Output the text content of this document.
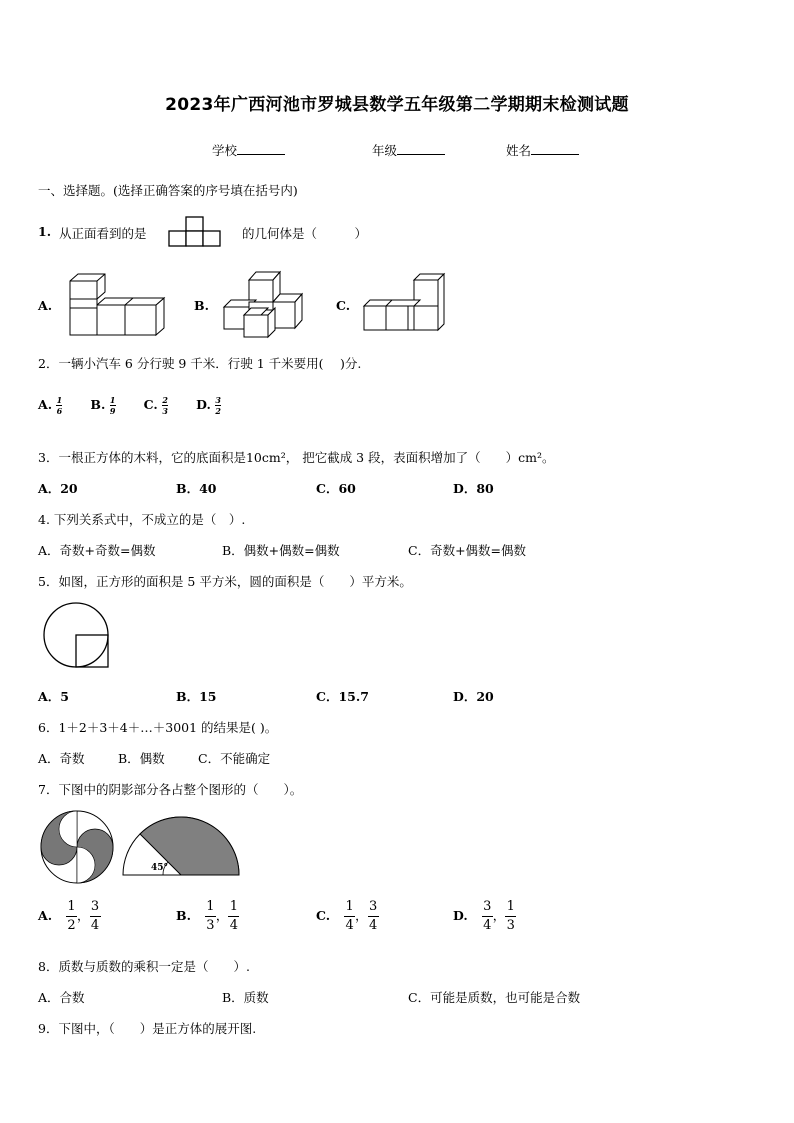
2023年广西河池市罗城县数学五年级第二学期期末检测试题
学校	年级	姓名
一、选择题。(选择正确答案的序号填在括号内)
1. 从正面看到的是	的几何体是（　　　）
A.	B.	C.
2．一辆小汽车 6 分行驶 9 千米．行驶 1 千米要用(　 )分.
A. $\frac{1}{6} B$. $\frac{1}{9} C$. $\frac{2}{3} D$. $\frac{3}{2}$
3．一根正方体的木料，它的底面积是10cm²， 把它截成 3 段，表面积增加了（　　）cm²。
A．20	B．40	C．60	D．80
4. 下列关系式中，不成立的是（　）.
A．奇数+奇数=偶数	B．偶数+偶数=偶数	C．奇数+偶数=偶数
5．如图，正方形的面积是 5 平方米，圆的面积是（　　）平方米。
A．5	B．15	C．15.7	D．20
6．1＋2＋3＋4＋…＋3001 的结果是( )。
A．奇数	B．偶数	C．不能确定
7．下图中的阴影部分各占整个图形的（　　）。
45°
A. $\frac{1}{2}$ ， $\frac{3}{4}$	B. $\frac{1}{3}$ ， $\frac{1}{4}$	C. $\frac{1}{4}$ ， $\frac{3}{4}$	D. $\frac{3}{4}$ ， $\frac{1}{3}$
8．质数与质数的乘积一定是（　　）.
A．合数	B．质数	C．可能是质数，也可能是合数
9．下图中，（　　）是正方体的展开图.
